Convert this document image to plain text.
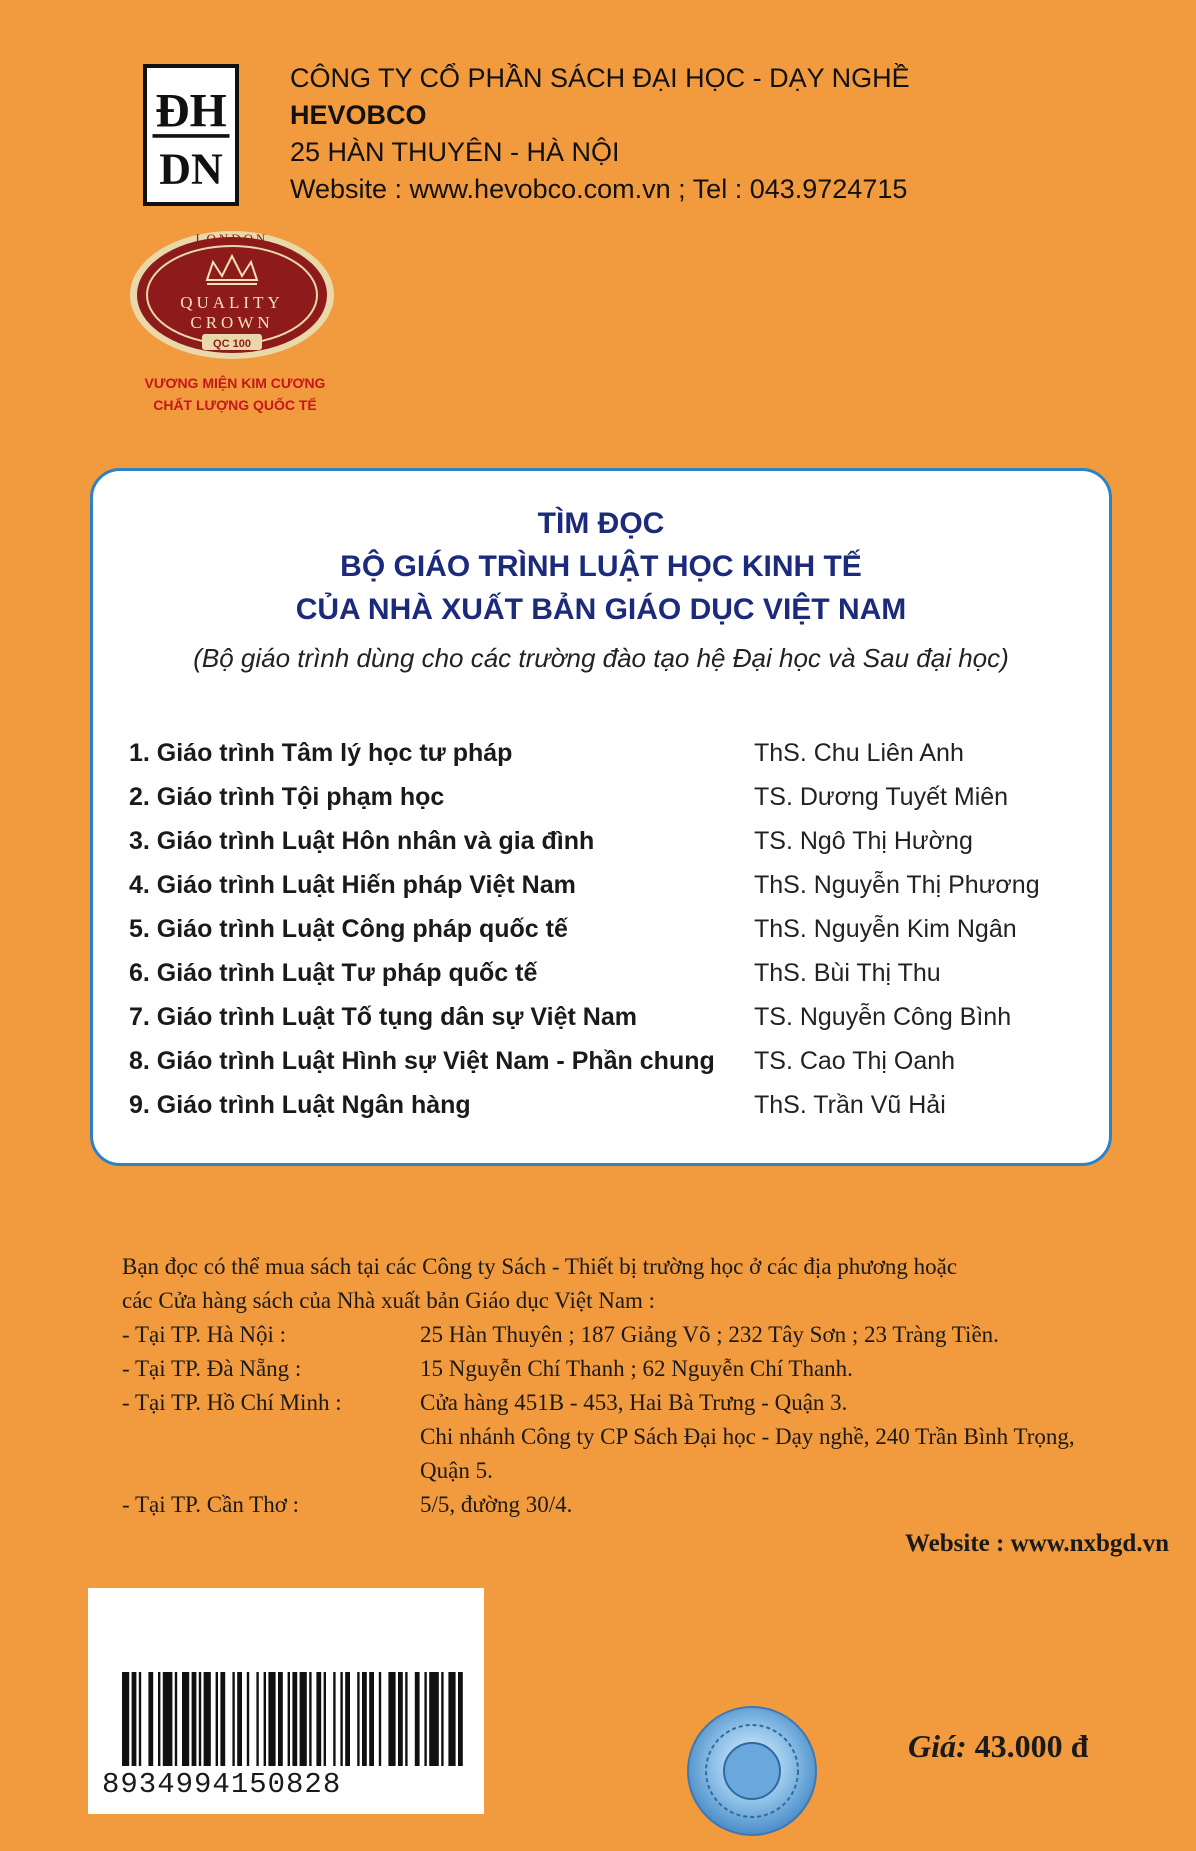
ĐH
DN
CÔNG TY CỔ PHẦN SÁCH ĐẠI HỌC - DẠY NGHỀ
HEVOBCO
25 HÀN THUYÊN - HÀ NỘI
Website : www.hevobco.com.vn ; Tel : 043.9724715
LONDON
QUALITY
CROWN
QC 100
VƯƠNG MIỆN KIM CƯƠNG
CHẤT LƯỢNG QUỐC TẾ
TÌM ĐỌC
BỘ GIÁO TRÌNH LUẬT HỌC KINH TẾ
CỦA NHÀ XUẤT BẢN GIÁO DỤC VIỆT NAM
(Bộ giáo trình dùng cho các trường đào tạo hệ Đại học và Sau đại học)
1. Giáo trình Tâm lý học tư pháp	ThS. Chu Liên Anh
2. Giáo trình Tội phạm học	TS. Dương Tuyết Miên
3. Giáo trình Luật Hôn nhân và gia đình	TS. Ngô Thị Hường
4. Giáo trình Luật Hiến pháp Việt Nam	ThS. Nguyễn Thị Phương
5. Giáo trình Luật Công pháp quốc tế	ThS. Nguyễn Kim Ngân
6. Giáo trình Luật Tư pháp quốc tế	ThS. Bùi Thị Thu
7. Giáo trình Luật Tố tụng dân sự Việt Nam	TS. Nguyễn Công Bình
8. Giáo trình Luật Hình sự Việt Nam - Phần chung	TS. Cao Thị Oanh
9. Giáo trình Luật Ngân hàng	ThS. Trần Vũ Hải
Bạn đọc có thể mua sách tại các Công ty Sách - Thiết bị trường học ở các địa phương hoặc
các Cửa hàng sách của Nhà xuất bản Giáo dục Việt Nam :
- Tại TP. Hà Nội :	25 Hàn Thuyên ; 187 Giảng Võ ; 232 Tây Sơn ; 23 Tràng Tiền.
- Tại TP. Đà Nẵng :	15 Nguyễn Chí Thanh ; 62 Nguyễn Chí Thanh.
- Tại TP. Hồ Chí Minh :	Cửa hàng 451B - 453, Hai Bà Trưng - Quận 3.
Chi nhánh Công ty CP Sách Đại học - Dạy nghề, 240 Trần Bình Trọng,
Quận 5.
- Tại TP. Cần Thơ :	5/5, đường 30/4.
Website : www.nxbgd.vn
8934994150828
Giá: 43.000 đ
